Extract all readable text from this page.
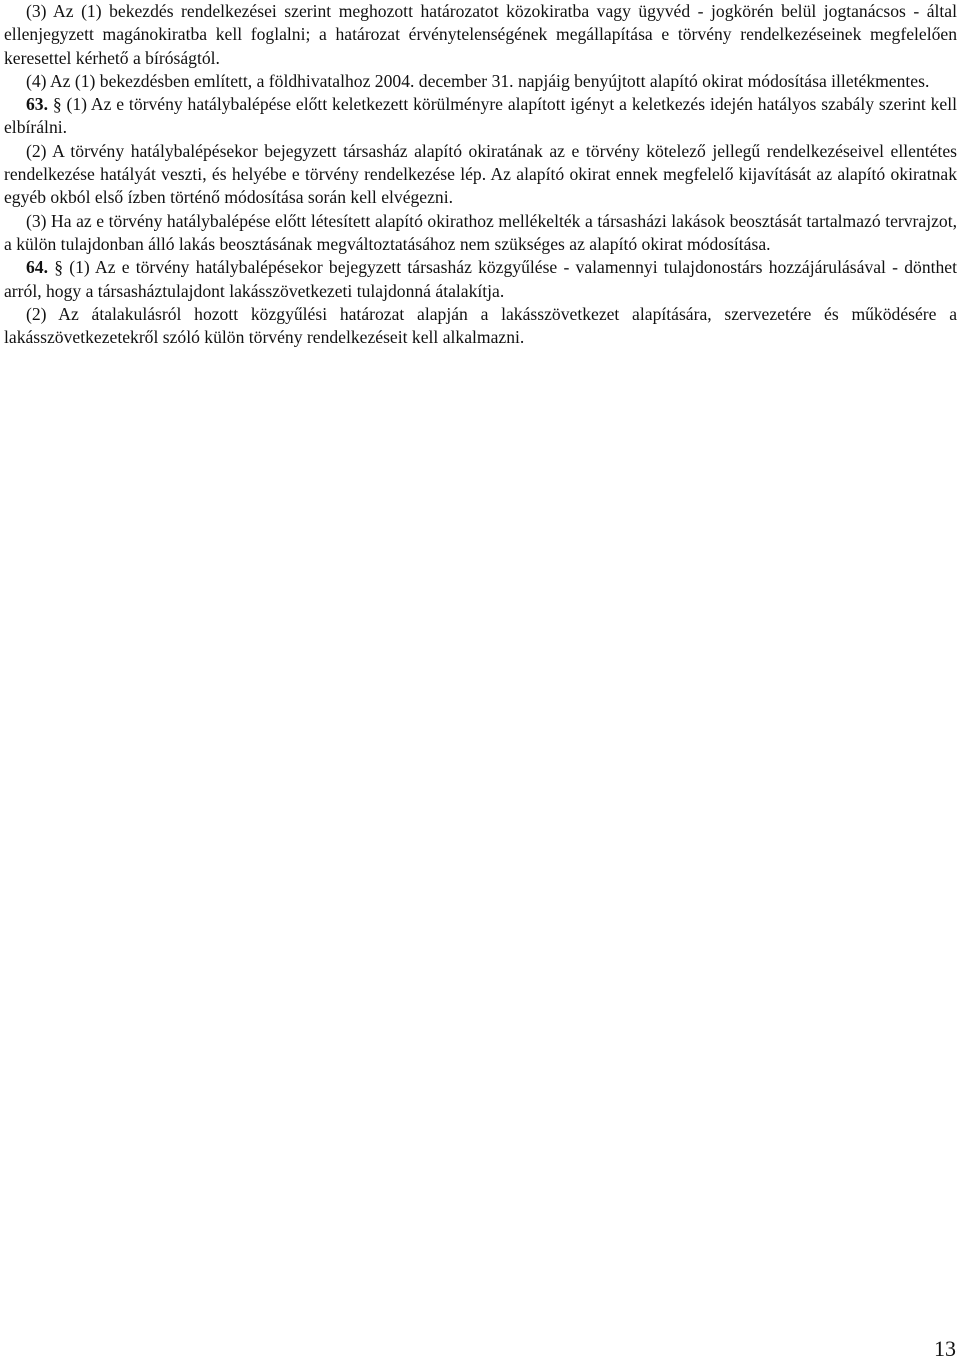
(3) Az (1) bekezdés rendelkezései szerint meghozott határozatot közokiratba vagy ügyvéd - jogkörén belül jogtanácsos - által ellenjegyzett magánokiratba kell foglalni; a határozat érvénytelenségének megállapítása e törvény rendelkezéseinek megfelelően keresettel kérhető a bíróságtól.

(4) Az (1) bekezdésben említett, a földhivatalhoz 2004. december 31. napjáig benyújtott alapító okirat módosítása illetékmentes.

63. § (1) Az e törvény hatálybalépése előtt keletkezett körülményre alapított igényt a keletkezés idején hatályos szabály szerint kell elbírálni.

(2) A törvény hatálybalépésekor bejegyzett társasház alapító okiratának az e törvény kötelező jellegű rendelkezéseivel ellentétes rendelkezése hatályát veszti, és helyébe e törvény rendelkezése lép. Az alapító okirat ennek megfelelő kijavítását az alapító okiratnak egyéb okból első ízben történő módosítása során kell elvégezni.

(3) Ha az e törvény hatálybalépése előtt létesített alapító okirathoz mellékelték a társasházi lakások beosztását tartalmazó tervrajzot, a külön tulajdonban álló lakás beosztásának megváltoztatásához nem szükséges az alapító okirat módosítása.

64. § (1) Az e törvény hatálybalépésekor bejegyzett társasház közgyűlése - valamennyi tulajdonostárs hozzájárulásával - dönthet arról, hogy a társasháztulajdont lakásszövetkezeti tulajdonná átalakítja.

(2) Az átalakulásról hozott közgyűlési határozat alapján a lakásszövetkezet alapítására, szervezetére és működésére a lakásszövetkezetekről szóló külön törvény rendelkezéseit kell alkalmazni.

13
